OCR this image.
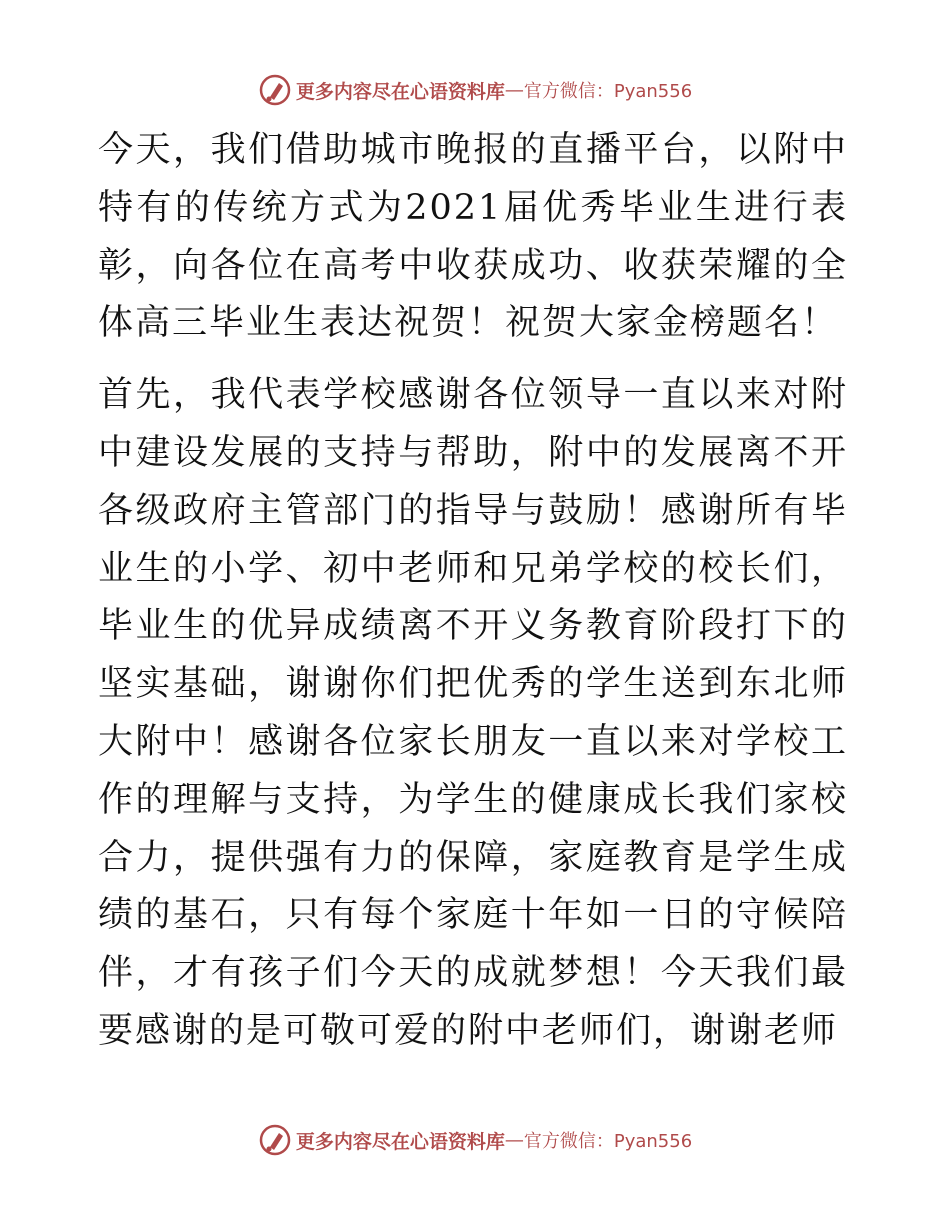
更多内容尽在心语资料库 — 官方微信：Pyan556

今天，我们借助城市晚报的直播平台，以附中特有的传统方式为2021届优秀毕业生进行表彰，向各位在高考中收获成功、收获荣耀的全体高三毕业生表达祝贺！祝贺大家金榜题名！

首先，我代表学校感谢各位领导一直以来对附中建设发展的支持与帮助，附中的发展离不开各级政府主管部门的指导与鼓励！感谢所有毕业生的小学、初中老师和兄弟学校的校长们，毕业生的优异成绩离不开义务教育阶段打下的坚实基础，谢谢你们把优秀的学生送到东北师大附中！感谢各位家长朋友一直以来对学校工作的理解与支持，为学生的健康成长我们家校合力，提供强有力的保障，家庭教育是学生成绩的基石，只有每个家庭十年如一日的守候陪伴，才有孩子们今天的成就梦想！今天我们最要感谢的是可敬可爱的附中老师们，谢谢老师

更多内容尽在心语资料库 — 官方微信：Pyan556
